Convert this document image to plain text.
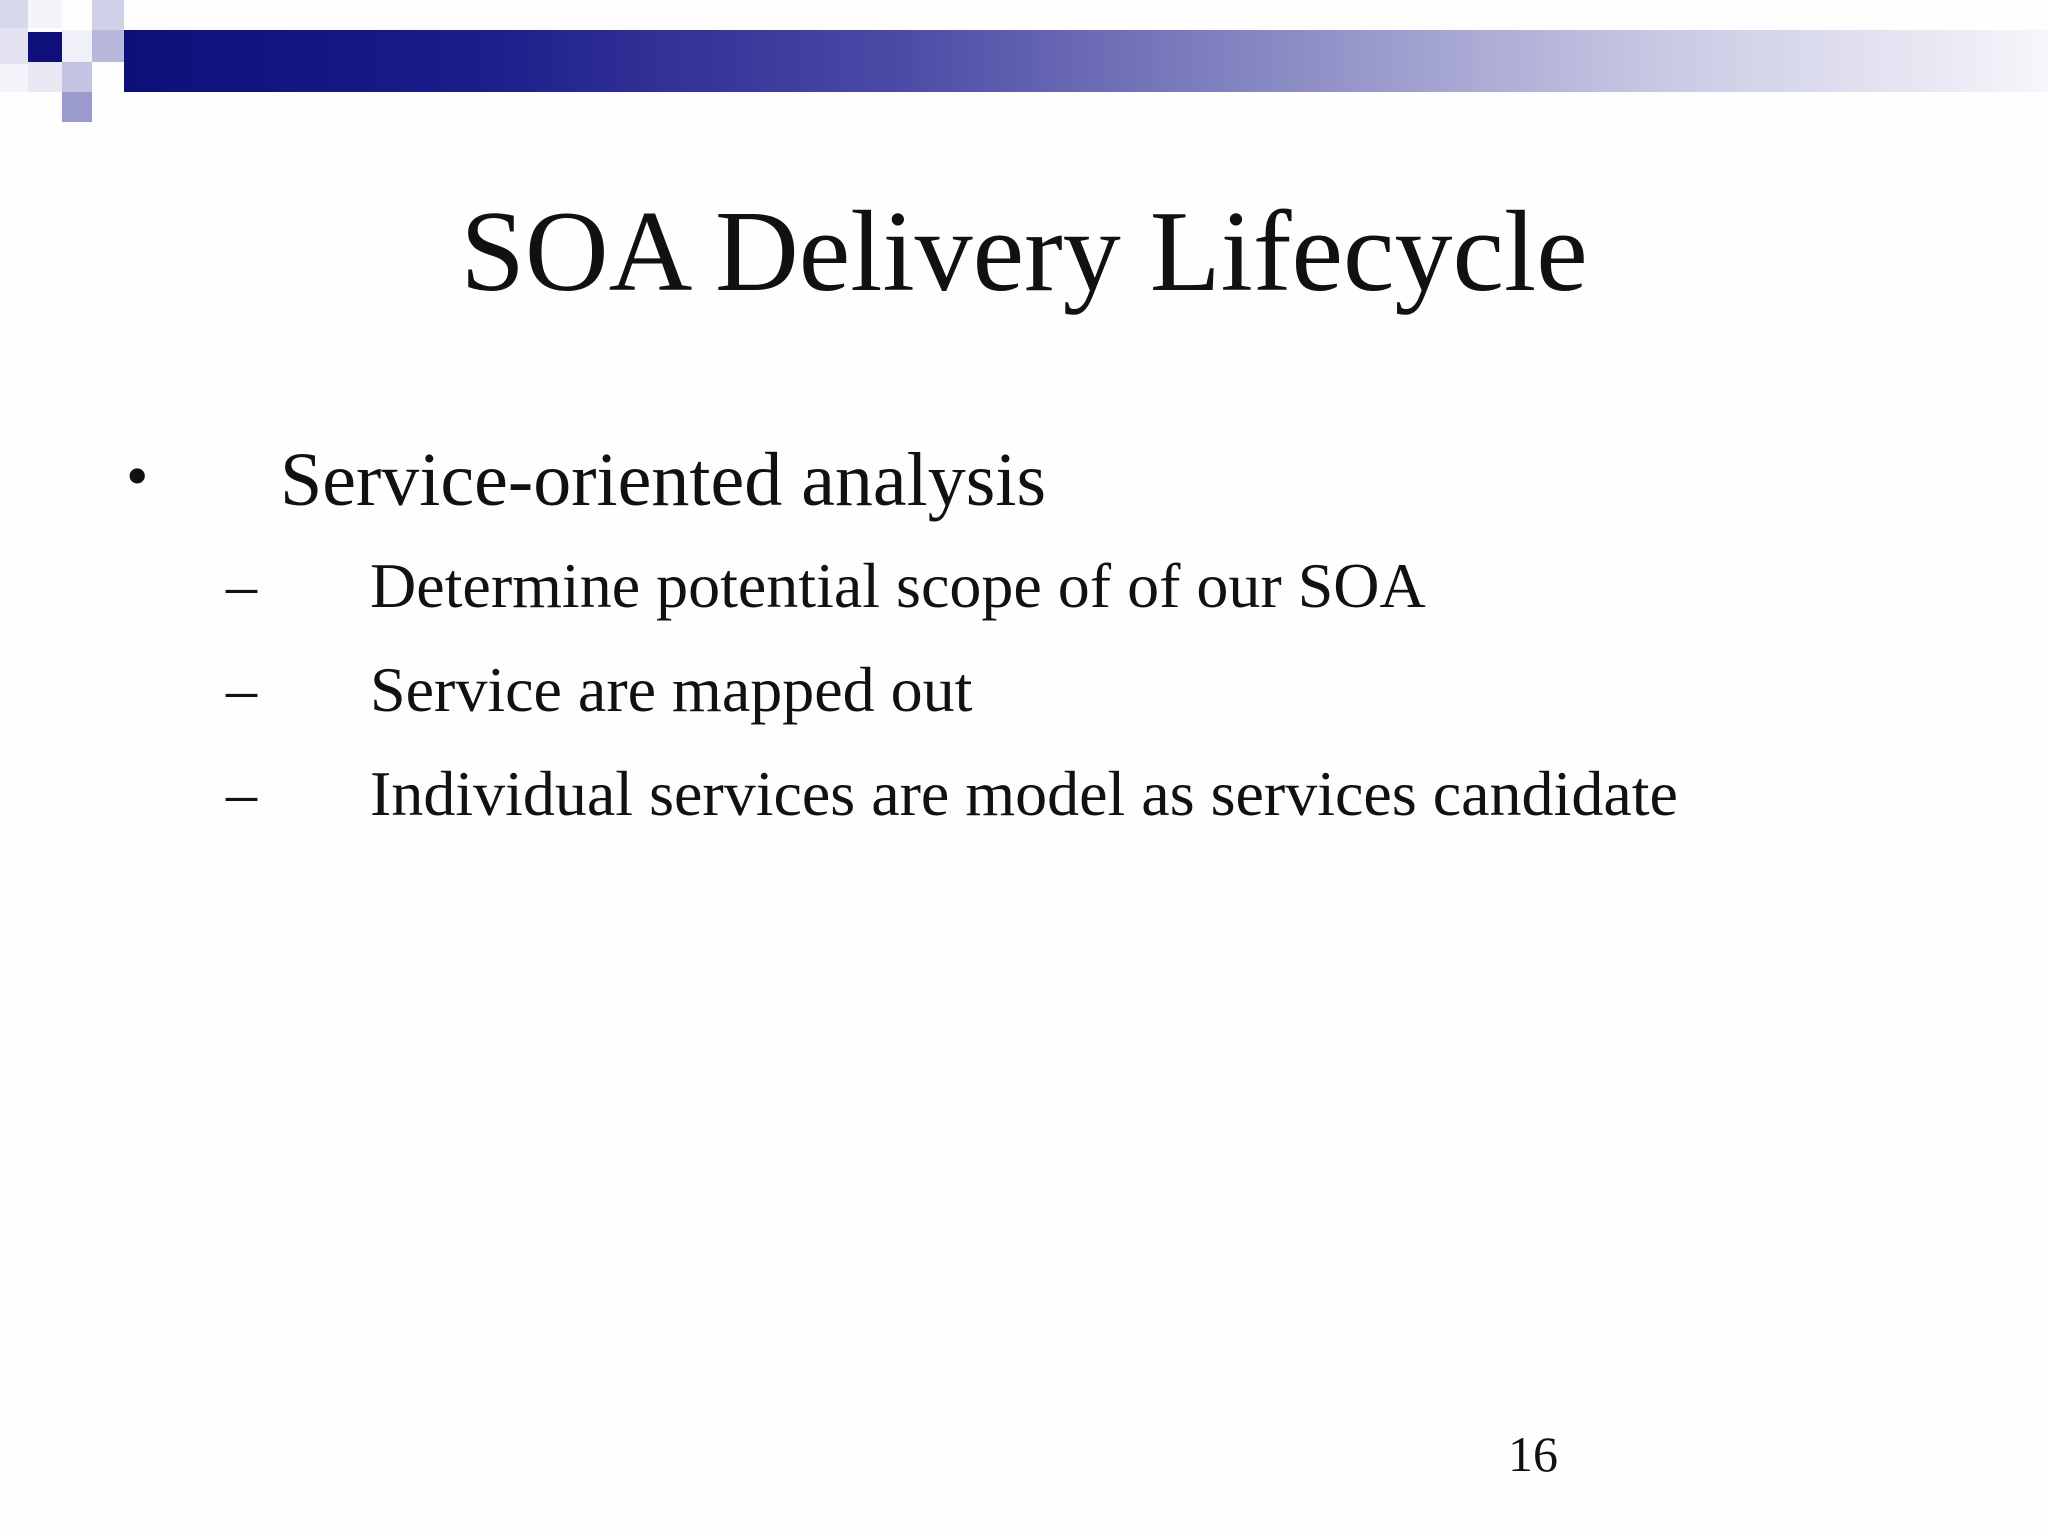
SOA Delivery Lifecycle
• Service-oriented analysis
– Determine potential scope of of our SOA
– Service are mapped out
– Individual services are model as services candidate
16
